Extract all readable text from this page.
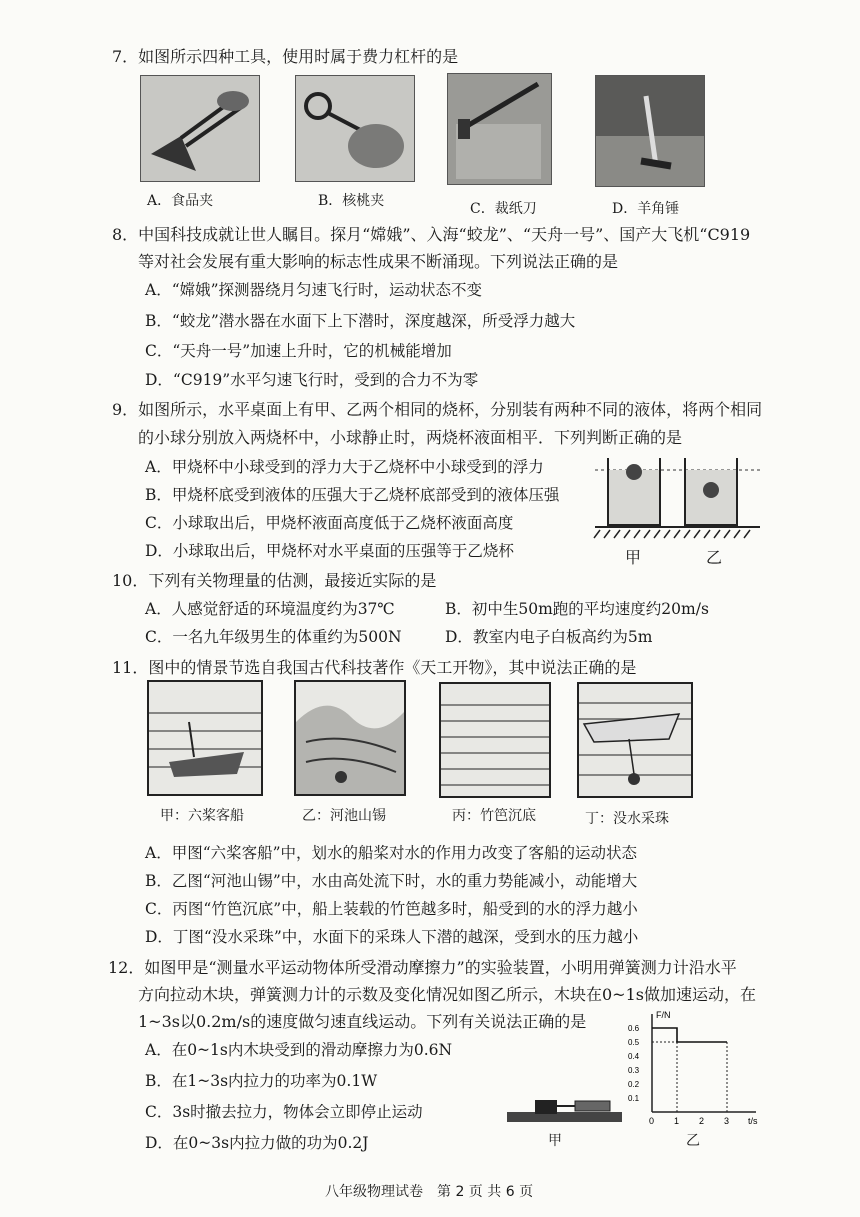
7．如图所示四种工具，使用时属于费力杠杆的是
A．食品夹	B．核桃夹	C．裁纸刀	D．羊角锤
8．中国科技成就让世人瞩目。探月“嫦娥”、入海“蛟龙”、“天舟一号”、国产大飞机“C919
等对社会发展有重大影响的标志性成果不断涌现。下列说法正确的是
A．“嫦娥”探测器绕月匀速飞行时，运动状态不变
B．“蛟龙”潜水器在水面下上下潜时，深度越深，所受浮力越大
C．“天舟一号”加速上升时，它的机械能增加
D．“C919”水平匀速飞行时，受到的合力不为零
9．如图所示，水平桌面上有甲、乙两个相同的烧杯，分别装有两种不同的液体，将两个相同
的小球分别放入两烧杯中，小球静止时，两烧杯液面相平．下列判断正确的是
A．甲烧杯中小球受到的浮力大于乙烧杯中小球受到的浮力
B．甲烧杯底受到液体的压强大于乙烧杯底部受到的液体压强
C．小球取出后，甲烧杯液面高度低于乙烧杯液面高度
D．小球取出后，甲烧杯对水平桌面的压强等于乙烧杯	甲	乙
10．下列有关物理量的估测，最接近实际的是
A．人感觉舒适的环境温度约为37℃	B．初中生50m跑的平均速度约20m/s
C．一名九年级男生的体重约为500N	D．教室内电子白板高约为5m
11．图中的情景节选自我国古代科技著作《天工开物》，其中说法正确的是
甲：六桨客船	乙：河池山锡	丙：竹笆沉底	丁：没水采珠
A．甲图“六桨客船”中，划水的船桨对水的作用力改变了客船的运动状态
B．乙图“河池山锡”中，水由高处流下时，水的重力势能减小，动能增大
C．丙图“竹笆沉底”中，船上装载的竹笆越多时，船受到的水的浮力越小
D．丁图“没水采珠”中，水面下的采珠人下潜的越深，受到水的压力越小
12．如图甲是“测量水平运动物体所受滑动摩擦力”的实验装置，小明用弹簧测力计沿水平
方向拉动木块，弹簧测力计的示数及变化情况如图乙所示，木块在0~1s做加速运动，在
1~3s以0.2m/s的速度做匀速直线运动。下列有关说法正确的是
A．在0~1s内木块受到的滑动摩擦力为0.6N
B．在1~3s内拉力的功率为0.1W
C．3s时撤去拉力，物体会立即停止运动
D．在0~3s内拉力做的功为0.2J	甲
F/N
t/s
0.1
0.2
0.3
0.4
0.5
0.6
0 1 2 3
乙
八年级物理试卷　第 2 页 共 6 页
